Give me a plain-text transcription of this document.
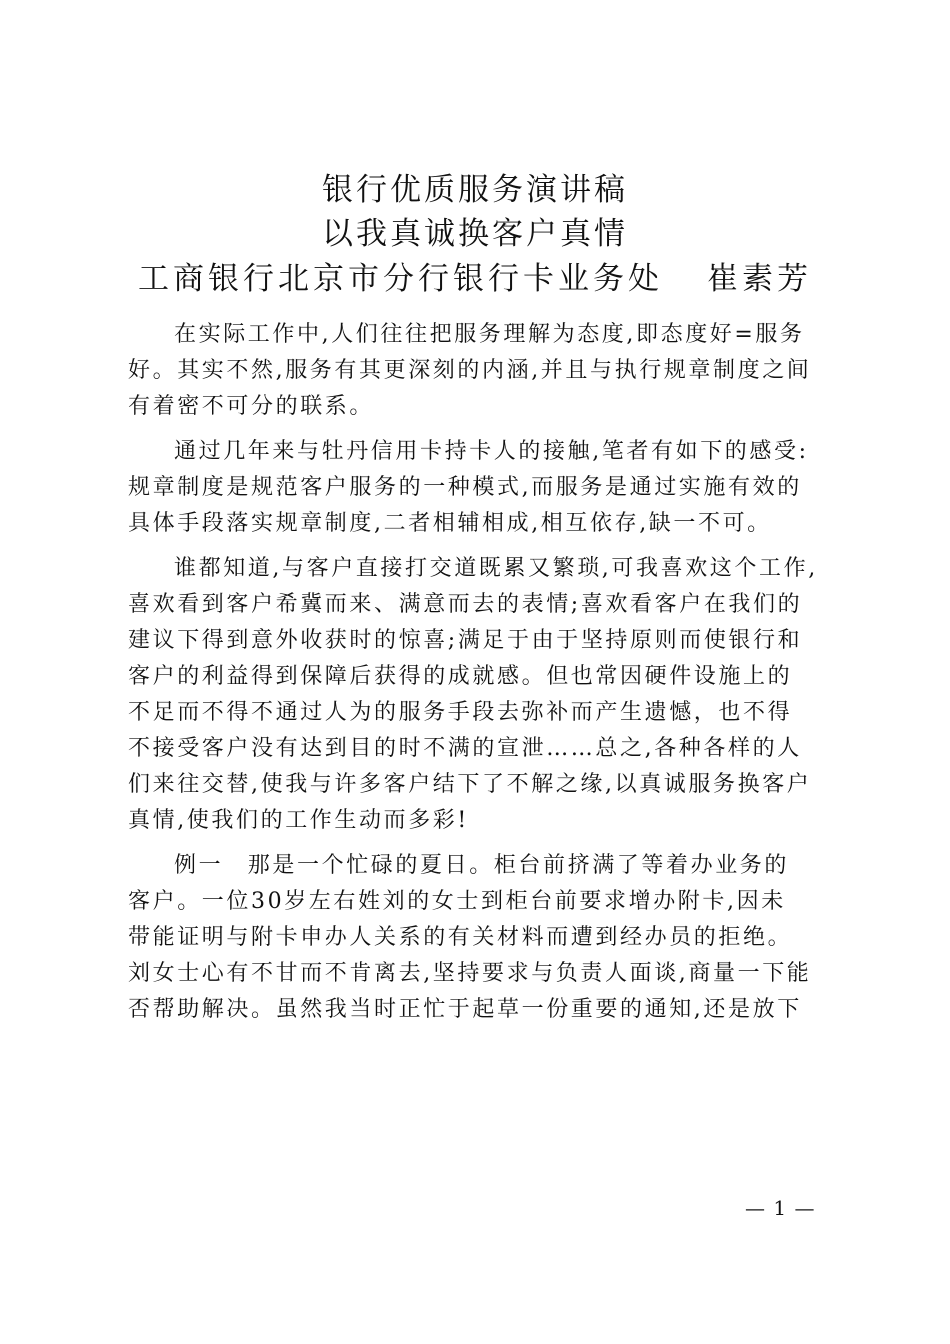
银行优质服务演讲稿
以我真诚换客户真情
工商银行北京市分行银行卡业务处 崔素芳
在实际工作中,人们往往把服务理解为态度,即态度好=服务
好。其实不然,服务有其更深刻的内涵,并且与执行规章制度之间
有着密不可分的联系。
通过几年来与牡丹信用卡持卡人的接触,笔者有如下的感受:
规章制度是规范客户服务的一种模式,而服务是通过实施有效的
具体手段落实规章制度,二者相辅相成,相互依存,缺一不可。
谁都知道,与客户直接打交道既累又繁琐,可我喜欢这个工作,
喜欢看到客户希冀而来、满意而去的表情;喜欢看客户在我们的
建议下得到意外收获时的惊喜;满足于由于坚持原则而使银行和
客户的利益得到保障后获得的成就感。但也常因硬件设施上的
不足而不得不通过人为的服务手段去弥补而产生遗憾，也不得
不接受客户没有达到目的时不满的宣泄……总之,各种各样的人
们来往交替,使我与许多客户结下了不解之缘,以真诚服务换客户
真情,使我们的工作生动而多彩!
例一　那是一个忙碌的夏日。柜台前挤满了等着办业务的
客户。一位30岁左右姓刘的女士到柜台前要求增办附卡,因未
带能证明与附卡申办人关系的有关材料而遭到经办员的拒绝。
刘女士心有不甘而不肯离去,坚持要求与负责人面谈,商量一下能
否帮助解决。虽然我当时正忙于起草一份重要的通知,还是放下
— 1 —
